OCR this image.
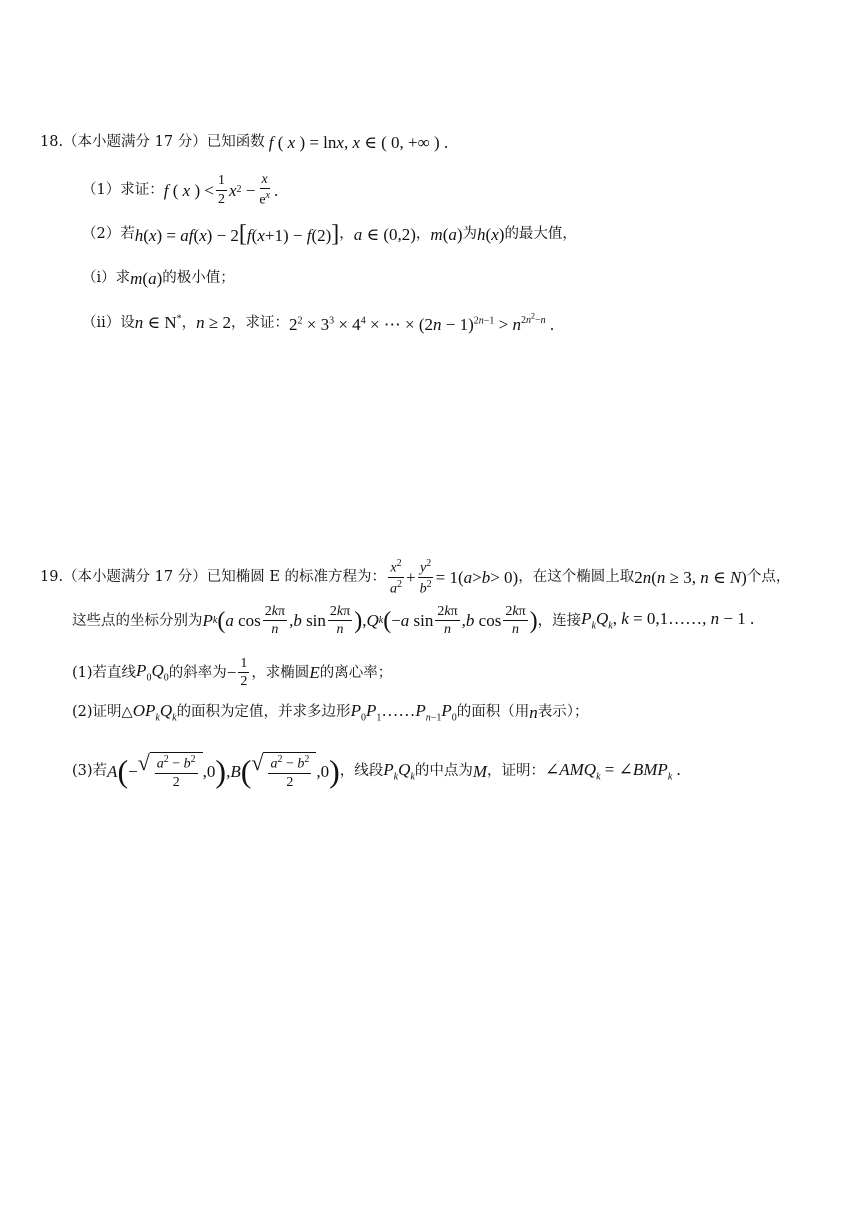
18.（本小题满分 17 分）已知函数 f ( x ) = lnx, x ∈ ( 0, +∞ ) .
（1）求证： f ( x ) < $\frac{1}{2}$ x $2 - \frac{x}{e^x}$ .
（2）若 h(x) = af(x) − 2[f(x+1) − f(2)] ， a ∈ (0,2) ， m(a) 为 h(x) 的最大值，
（i）求 m(a) 的极小值；
（ii）设 n ∈ N* ， n ≥ 2 ，求证： $2^2 \times 3^3 \times 4^4$ × ⋯ × $(2n - 1)^{2n-1} > n^{2n^2-n}$ .
19.（本小题满分 17 分）已知椭圆 E 的标准方程为： $\frac{x^2}{a^2} + \frac{y^2}{b^2} = 1$( a > b > 0) ，在这个椭圆上取 2n(n ≥ 3, n ∈ N) 个点，
这些点的坐标分别为 P k ( a $\cos \frac{2k\pi}{n}$ , b $\sin \frac{2k\pi}{n}$ ) , Q k ( − a $\sin \frac{2k\pi}{n}$ , b $\cos \frac{2k\pi}{n}$ ) ，连接 $P_kQ_k$, k = 0,1……, n − 1 .
(1)若直线 $P_0Q_0$ 的斜率为 − $\frac{1}{2}$ ，求椭圆 E 的离心率；
(2)证明△ $OP_kQ_k$ 的面积为定值，并求多边形 $P_0P_1\dots\dots P_{n-1}P_0$ 的面积（用 n 表示）；
(3)若 A ( − √ $\frac{a^2 - b^2}{2} ,0$ ) , B ( √ $\frac{a^2 - b^2}{2} ,0$ ) ，线段 $P_kQ_k$ 的中点为 M ，证明： $\angle AMQ_k$ = $\angle BMP_k$ .
